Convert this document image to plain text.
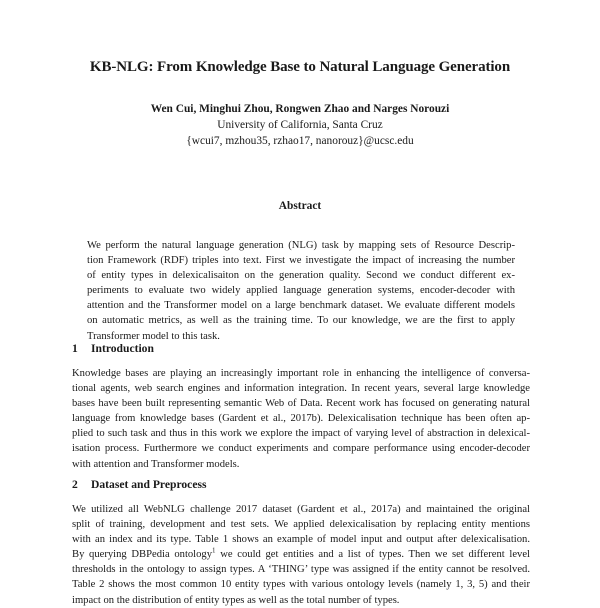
KB-NLG: From Knowledge Base to Natural Language Generation
Wen Cui, Minghui Zhou, Rongwen Zhao and Narges Norouzi
University of California, Santa Cruz
{wcui7, mzhou35, rzhao17, nanorouz}@ucsc.edu
Abstract
We perform the natural language generation (NLG) task by mapping sets of Resource Descrip-
tion Framework (RDF) triples into text. First we investigate the impact of increasing the number
of entity types in delexicalisaiton on the generation quality. Second we conduct different ex-
periments to evaluate two widely applied language generation systems, encoder-decoder with
attention and the Transformer model on a large benchmark dataset. We evaluate different models
on automatic metrics, as well as the training time. To our knowledge, we are the first to apply
Transformer model to this task.
1 Introduction
Knowledge bases are playing an increasingly important role in enhancing the intelligence of conversa-
tional agents, web search engines and information integration. In recent years, several large knowledge
bases have been built representing semantic Web of Data. Recent work has focused on generating natural
language from knowledge bases (Gardent et al., 2017b). Delexicalisation technique has been often ap-
plied to such task and thus in this work we explore the impact of varying level of abstraction in delexical-
isation process. Furthermore we conduct experiments and compare performance using encoder-decoder
with attention and Transformer models.
2 Dataset and Preprocess
We utilized all WebNLG challenge 2017 dataset (Gardent et al., 2017a) and maintained the original
split of training, development and test sets. We applied delexicalisation by replacing entity mentions
with an index and its type. Table 1 shows an example of model input and output after delexicalisation.
By querying DBPedia ontology$^1$ we could get entities and a list of types. Then we set different level
thresholds in the ontology to assign types. A ‘THING’ type was assigned if the entity cannot be resolved.
Table 2 shows the most common 10 entity types with various ontology levels (namely 1, 3, 5) and their
impact on the distribution of entity types as well as the total number of types.
